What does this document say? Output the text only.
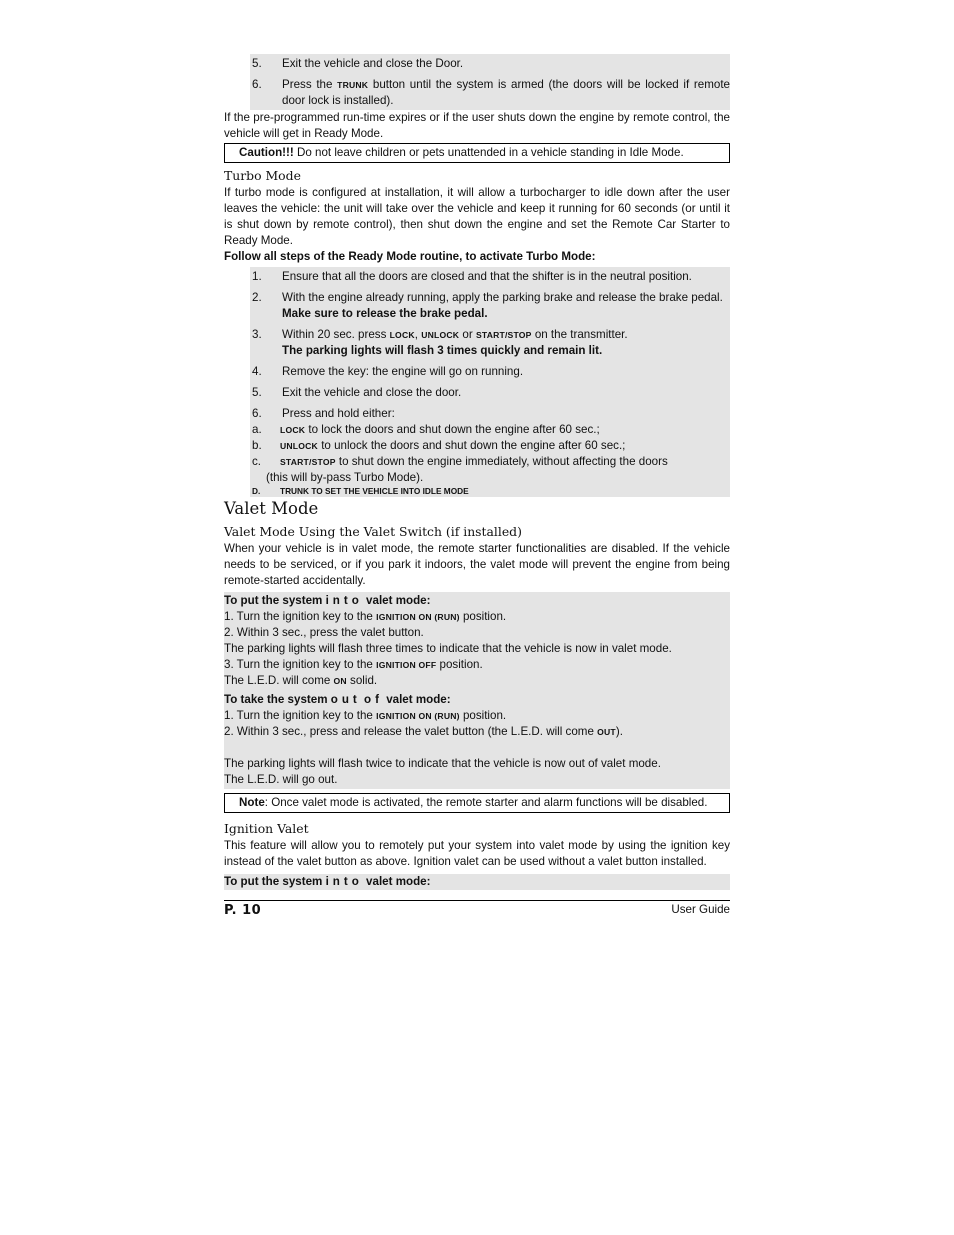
5.	Exit the vehicle and close the Door.
6.	Press the TRUNK button until the system is armed (the doors will be locked if remote door lock is installed).
If the pre-programmed run-time expires or if the user shuts down the engine by remote control, the vehicle will get in Ready Mode.
Caution!!! Do not leave children or pets unattended in a vehicle standing in Idle Mode.
Turbo Mode
If turbo mode is configured at installation, it will allow a turbocharger to idle down after the user leaves the vehicle: the unit will take over the vehicle and keep it running for 60 seconds (or until it is shut down by remote control), then shut down the engine and set the Remote Car Starter to Ready Mode.
Follow all steps of the Ready Mode routine, to activate Turbo Mode:
1.	Ensure that all the doors are closed and that the shifter is in the neutral position.
2.	With the engine already running, apply the parking brake and release the brake pedal.
Make sure to release the brake pedal.
3.	Within 20 sec. press LOCK, UNLOCK or START/STOP on the transmitter.
The parking lights will flash 3 times quickly and remain lit.
4.	Remove the key: the engine will go on running.
5.	Exit the vehicle and close the door.
6.	Press and hold either:
a.	LOCK to lock the doors and shut down the engine after 60 sec.;
b.	UNLOCK to unlock the doors and shut down the engine after 60 sec.;
c.	START/STOP to shut down the engine immediately, without affecting the doors
(this will by-pass Turbo Mode).
D.	TRUNK TO SET THE VEHICLE INTO IDLE MODE
Valet Mode
Valet Mode Using the Valet Switch (if installed)
When your vehicle is in valet mode, the remote starter functionalities are disabled. If the vehicle needs to be serviced, or if you park it indoors, the valet mode will prevent the engine from being remote-started accidentally.
To put the system into valet mode:
1. Turn the ignition key to the IGNITION ON (RUN) position.
2. Within 3 sec., press the valet button.
The parking lights will flash three times to indicate that the vehicle is now in valet mode.
3. Turn the ignition key to the IGNITION OFF position.
The L.E.D. will come ON solid.
To take the system out of valet mode:
1. Turn the ignition key to the IGNITION ON (RUN) position.
2. Within 3 sec., press and release the valet button (the L.E.D. will come OUT).
The parking lights will flash twice to indicate that the vehicle is now out of valet mode.
The L.E.D. will go out.
Note: Once valet mode is activated, the remote starter and alarm functions will be disabled.
Ignition Valet
This feature will allow you to remotely put your system into valet mode by using the ignition key instead of the valet button as above. Ignition valet can be used without a valet button installed.
To put the system into valet mode:
P. 10	User Guide
